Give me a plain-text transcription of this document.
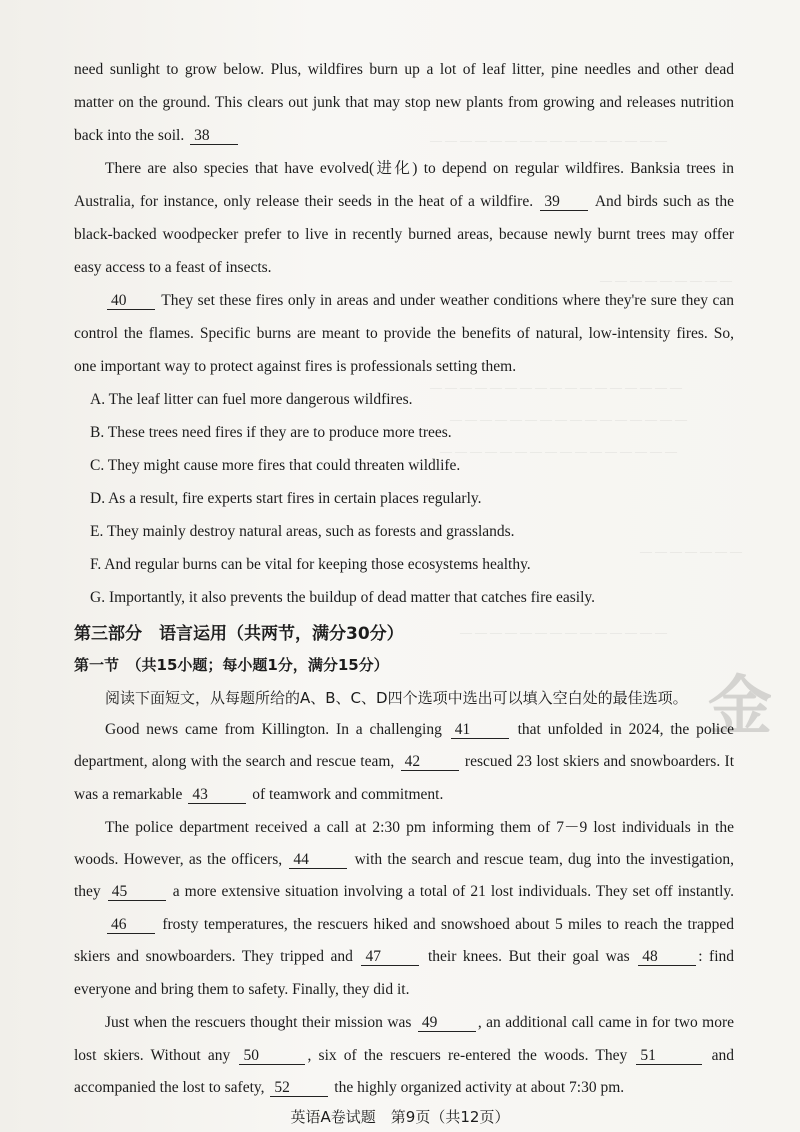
— — — — — — — — — — — — — — — —
— — — — — — — — —
— — — — — — — — — — — — — — — — —
— — — — — — — — — — — — — — — —
— — — — — — — — — — — — — — — —
— — — — — — —
— — — — — — — — — — — — — —
金
need sunlight to grow below. Plus, wildfires burn up a lot of leaf litter, pine needles and other dead
matter on the ground. This clears out junk that may stop new plants from growing and releases nutrition
back into the soil. 38
There are also species that have evolved(进化) to depend on regular wildfires. Banksia trees in
Australia, for instance, only release their seeds in the heat of a wildfire. 39 And birds such as the
black-backed woodpecker prefer to live in recently burned areas, because newly burnt trees may offer
easy access to a feast of insects.
40 They set these fires only in areas and under weather conditions where they're sure they can
control the flames. Specific burns are meant to provide the benefits of natural, low-intensity fires. So,
one important way to protect against fires is professionals setting them.
A. The leaf litter can fuel more dangerous wildfires.
B. These trees need fires if they are to produce more trees.
C. They might cause more fires that could threaten wildlife.
D. As a result, fire experts start fires in certain places regularly.
E. They mainly destroy natural areas, such as forests and grasslands.
F. And regular burns can be vital for keeping those ecosystems healthy.
G. Importantly, it also prevents the buildup of dead matter that catches fire easily.
第三部分　语言运用（共两节，满分30分）
第一节　（共15小题；每小题1分，满分15分）
阅读下面短文，从每题所给的A、B、C、D四个选项中选出可以填入空白处的最佳选项。
Good news came from Killington. In a challenging 41	that unfolded in 2024, the police
department, along with the search and rescue team, 42	rescued 23 lost skiers and snowboarders. It
was a remarkable 43	of teamwork and commitment.
The police department received a call at 2:30 pm informing them of 7－9 lost individuals in the
woods. However, as the officers, 44	with the search and rescue team, dug into the investigation,
they 45	a more extensive situation involving a total of 21 lost individuals. They set off instantly.
46 frosty temperatures, the rescuers hiked and snowshoed about 5 miles to reach the trapped
skiers and snowboarders. They tripped and 47	their knees. But their goal was 48	: find
everyone and bring them to safety. Finally, they did it.
Just when the rescuers thought their mission was 49	, an additional call came in for two more
lost skiers. Without any 50	, six of the rescuers re-entered the woods. They 51	and
accompanied the lost to safety, 52	the highly organized activity at about 7:30 pm.
英语A卷试题　第9页（共12页）
